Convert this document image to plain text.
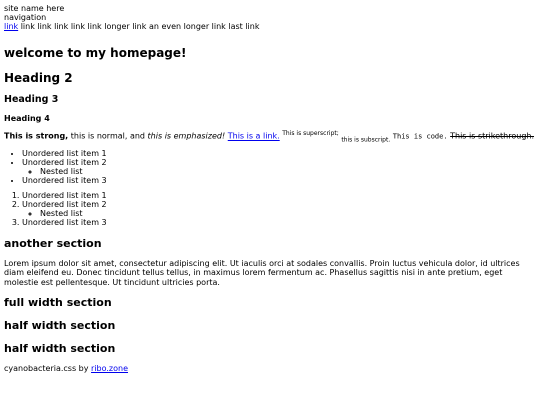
site name here
navigation
link link link link link link longer link an even longer link last link
welcome to my homepage!
Heading 2
Heading 3
Heading 4

This is strong, this is normal, and this is emphasized! This is a link. $^{This is superscript;}$ $_{this is subscript.}$ This is code. This is strikethrough.

• Unordered list item 1
• Unordered list item 2
◦ Nested list
• Unordered list item 3
1. Unordered list item 1
2. Unordered list item 2
◦ Nested list
3. Unordered list item 3
another section

Lorem ipsum dolor sit amet, consectetur adipiscing elit. Ut iaculis orci at sodales convallis. Proin luctus vehicula dolor, id ultrices diam eleifend eu. Donec tincidunt tellus tellus, in maximus lorem fermentum ac. Phasellus sagittis nisi in ante pretium, eget molestie est pellentesque. Ut tincidunt ultricies porta.

full width section
half width section
half width section
cyanobacteria.css by ribo.zone
